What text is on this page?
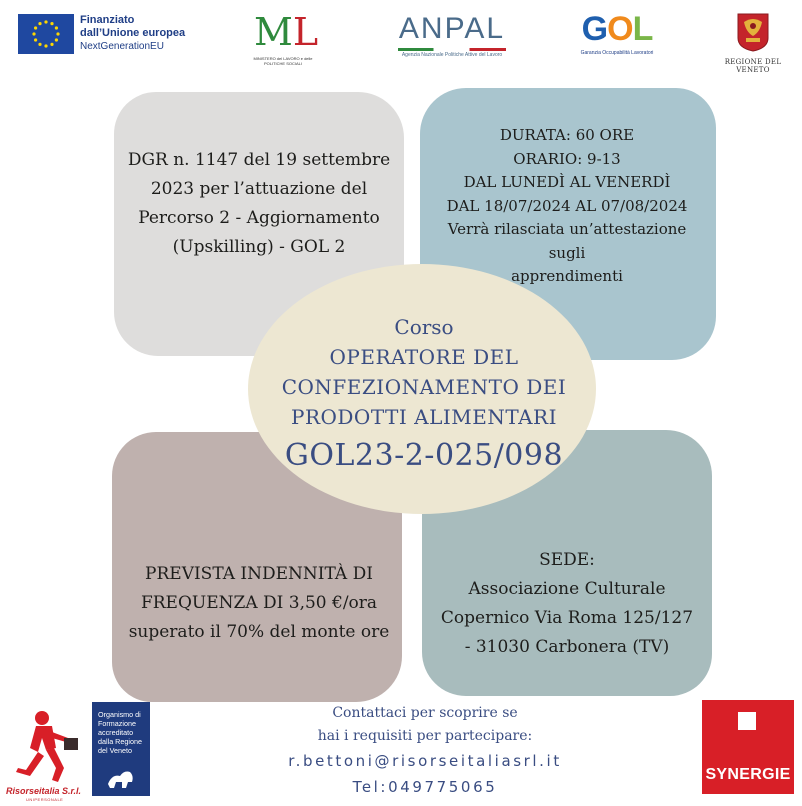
Finanziato
dall’Unione europea
NextGenerationEU	ML
MINISTERO del LAVORO e delle POLITICHE SOCIALI
ANPAL
Agenzia Nazionale Politiche Attive del Lavoro
GOL
Garanzia Occupabilità Lavoratori
REGIONE DEL VENETO
DGR n. 1147 del 19 settembre
2023 per l’attuazione del
Percorso 2 - Aggiornamento
(Upskilling) - GOL 2
DURATA: 60 ORE
ORARIO: 9-13
DAL LUNEDÌ AL VENERDÌ
DAL 18/07/2024 AL 07/08/2024
Verrà rilasciata un’attestazione sugli
apprendimenti
PREVISTA INDENNITÀ DI
FREQUENZA DI 3,50 €/ora
superato il 70% del monte ore
SEDE:
Associazione Culturale
Copernico Via Roma 125/127
- 31030 Carbonera (TV)
Corso
OPERATORE DEL
CONFEZIONAMENTO DEI
PRODOTTI ALIMENTARI
GOL23-2-025/098
Risorseitalia S.r.l.
UNIPERSONALE
Organismo di Formazione accreditato dalla Regione del Veneto
Contattaci per scoprire se
hai i requisiti per partecipare:
r.bettoni@risorseitaliasrl.it
Tel:049775065
SYNERGIE
